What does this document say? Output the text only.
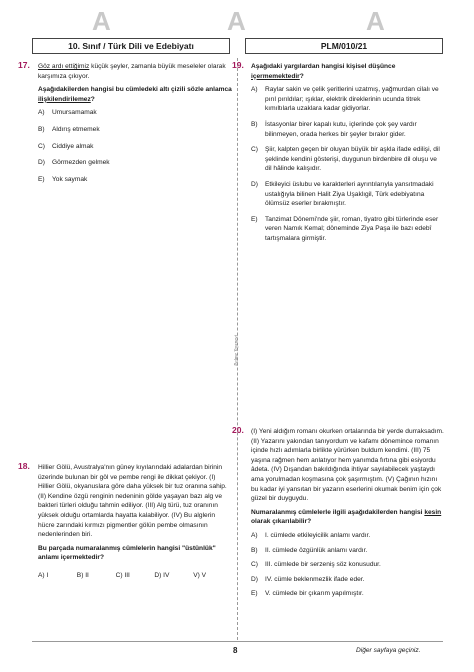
A	A	A
10. Sınıf / Türk Dili ve Edebiyatı	PLM/010/21
Palme Yayınevi
17. Göz ardı ettiğimiz küçük şeyler, zamanla büyük meseleler olarak karşımıza çıkıyor.

Aşağıdakilerden hangisi bu cümledeki altı çizili sözle anlamca ilişkilendirilemez?

A)	Umursamamak
B)	Aldırış etmemek
C)	Ciddiye almak
D)	Görmezden gelmek
E)	Yok saymak
18. Hillier Gölü, Avustralya'nın güney kıyılarındaki adalardan birinin üzerinde bulunan bir göl ve pembe rengi ile dikkat çekiyor. (I) Hillier Gölü, okyanuslara göre daha yüksek bir tuz oranına sahip. (II) Kendine özgü renginin nedeninin gölde yaşayan bazı alg ve bakteri türleri olduğu tahmin ediliyor. (III) Alg türü, tuz oranının yüksek olduğu ortamlarda hayatta kalabiliyor. (IV) Bu alglerin hücre zarındaki kırmızı pigmentler gölün pembe olmasının nedenlerinden biri.

Bu parçada numaralanmış cümlelerin hangisi "üstünlük" anlamı içermektedir?

A) I	B) II	C) III	D) IV	V) V
19. Aşağıdaki yargılardan hangisi kişisel düşünce içermemektedir?

A)	Raylar sakin ve çelik şeritlerini uzatmış, yağmurdan cilalı ve pırıl pırıldılar; ışıklar, elektrik direklerinin ucunda titrek kımıltılarla uzaklara kadar gidiyorlar.
B)	İstasyonlar birer kapalı kutu, içlerinde çok şey vardır bilinmeyen, orada herkes bir şeyler bırakır gider.
C)	Şiir, kalpten geçen bir oluyan büyük bir aşkla ifade edilişi, dil şeklinde kendini gösterişi, duygunun birdenbire dil oluşu ve dil hâlinde kalışıdır.
D)	Etkileyici üslubu ve karakterleri ayrıntılarıyla yansıtmadaki ustalığıyla bilinen Halit Ziya Uşaklıgil, Türk edebiyatına ölümsüz eserler bırakmıştır.
E)	Tanzimat Dönemi'nde şiir, roman, tiyatro gibi türlerinde eser veren Namık Kemal; döneminde Ziya Paşa ile bazı edebî tartışmalara girmiştir.
20. (I) Yeni aldığım romanı okurken ortalarında bir yerde durraksadım. (II) Yazarını yakından tanıyordum ve kafamı dönemince romanın içinde hızlı adımlarla birlikte yürürken buldum kendimi. (III) 75 yaşına rağmen hem anlatıyor hem yanımda fırtına gibi esiyordu âdeta. (IV) Dışandan bakıldığında ihtiyar sayılabilecek yaştaydı ama yorulmadan koşmasına çok şaşırmıştım. (V) Çağının hızını bu kadar iyi yansıtan bir yazarın eserlerini okumak benim için çok güzel bir duyguydu.

Numaralanmış cümlelerle ilgili aşağıdakilerden hangisi kesin olarak çıkarılabilir?

A)	I. cümlede etkileyicilik anlamı vardır.
B)	II. cümlede özgünlük anlamı vardır.
C)	III. cümlede bir serzeniş söz konusudur.
D)	IV. cümle beklenmezlik ifade eder.
E)	V. cümlede bir çıkarım yapılmıştır.
8	Diğer sayfaya geçiniz.
